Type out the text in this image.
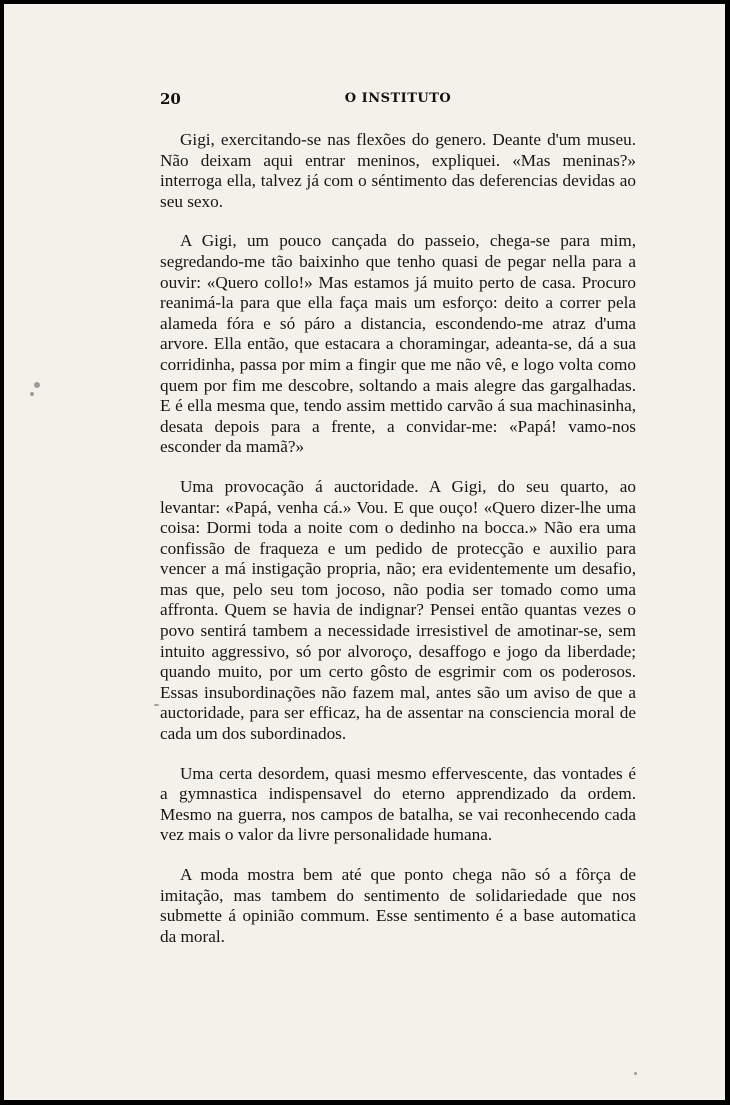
20	O INSTITUTO

Gigi, exercitando-se nas flexões do genero. Deante d'um museu. Não deixam aqui entrar meninos, expliquei. «Mas meninas?» interroga ella, talvez já com o séntimento das deferencias devidas ao seu sexo.

A Gigi, um pouco cançada do passeio, chega-se para mim, segredando-me tão baixinho que tenho quasi de pegar nella para a ouvir: «Quero collo!» Mas estamos já muito perto de casa. Procuro reanimá-la para que ella faça mais um esforço: deito a correr pela alameda fóra e só páro a distancia, escondendo-me atraz d'uma arvore. Ella então, que estacara a choramingar, adeanta-se, dá a sua corridinha, passa por mim a fingir que me não vê, e logo volta como quem por fim me descobre, soltando a mais alegre das gargalhadas. E é ella mesma que, tendo assim mettido carvão á sua machinasinha, desata depois para a frente, a convidar-me: «Papá! vamo-nos esconder da mamã?»

Uma provocação á auctoridade. A Gigi, do seu quarto, ao levantar: «Papá, venha cá.» Vou. E que ouço! «Quero dizer-lhe uma coisa: Dormi toda a noite com o dedinho na bocca.» Não era uma confissão de fraqueza e um pedido de protecção e auxilio para vencer a má instigação propria, não; era evidentemente um desafio, mas que, pelo seu tom jocoso, não podia ser tomado como uma affronta. Quem se havia de indignar? Pensei então quantas vezes o povo sentirá tambem a necessidade irresistivel de amotinar-se, sem intuito aggressivo, só por alvoroço, desaffogo e jogo da liberdade; quando muito, por um certo gôsto de esgrimir com os poderosos. Essas insubordinações não fazem mal, antes são um aviso de que a auctoridade, para ser efficaz, ha de assentar na consciencia moral de cada um dos subordinados.

Uma certa desordem, quasi mesmo effervescente, das vontades é a gymnastica indispensavel do eterno apprendizado da ordem. Mesmo na guerra, nos campos de batalha, se vai reconhecendo cada vez mais o valor da livre personalidade humana.

A moda mostra bem até que ponto chega não só a fôrça de imitação, mas tambem do sentimento de solidariedade que nos submette á opinião commum. Esse sentimento é a base automatica da moral.
